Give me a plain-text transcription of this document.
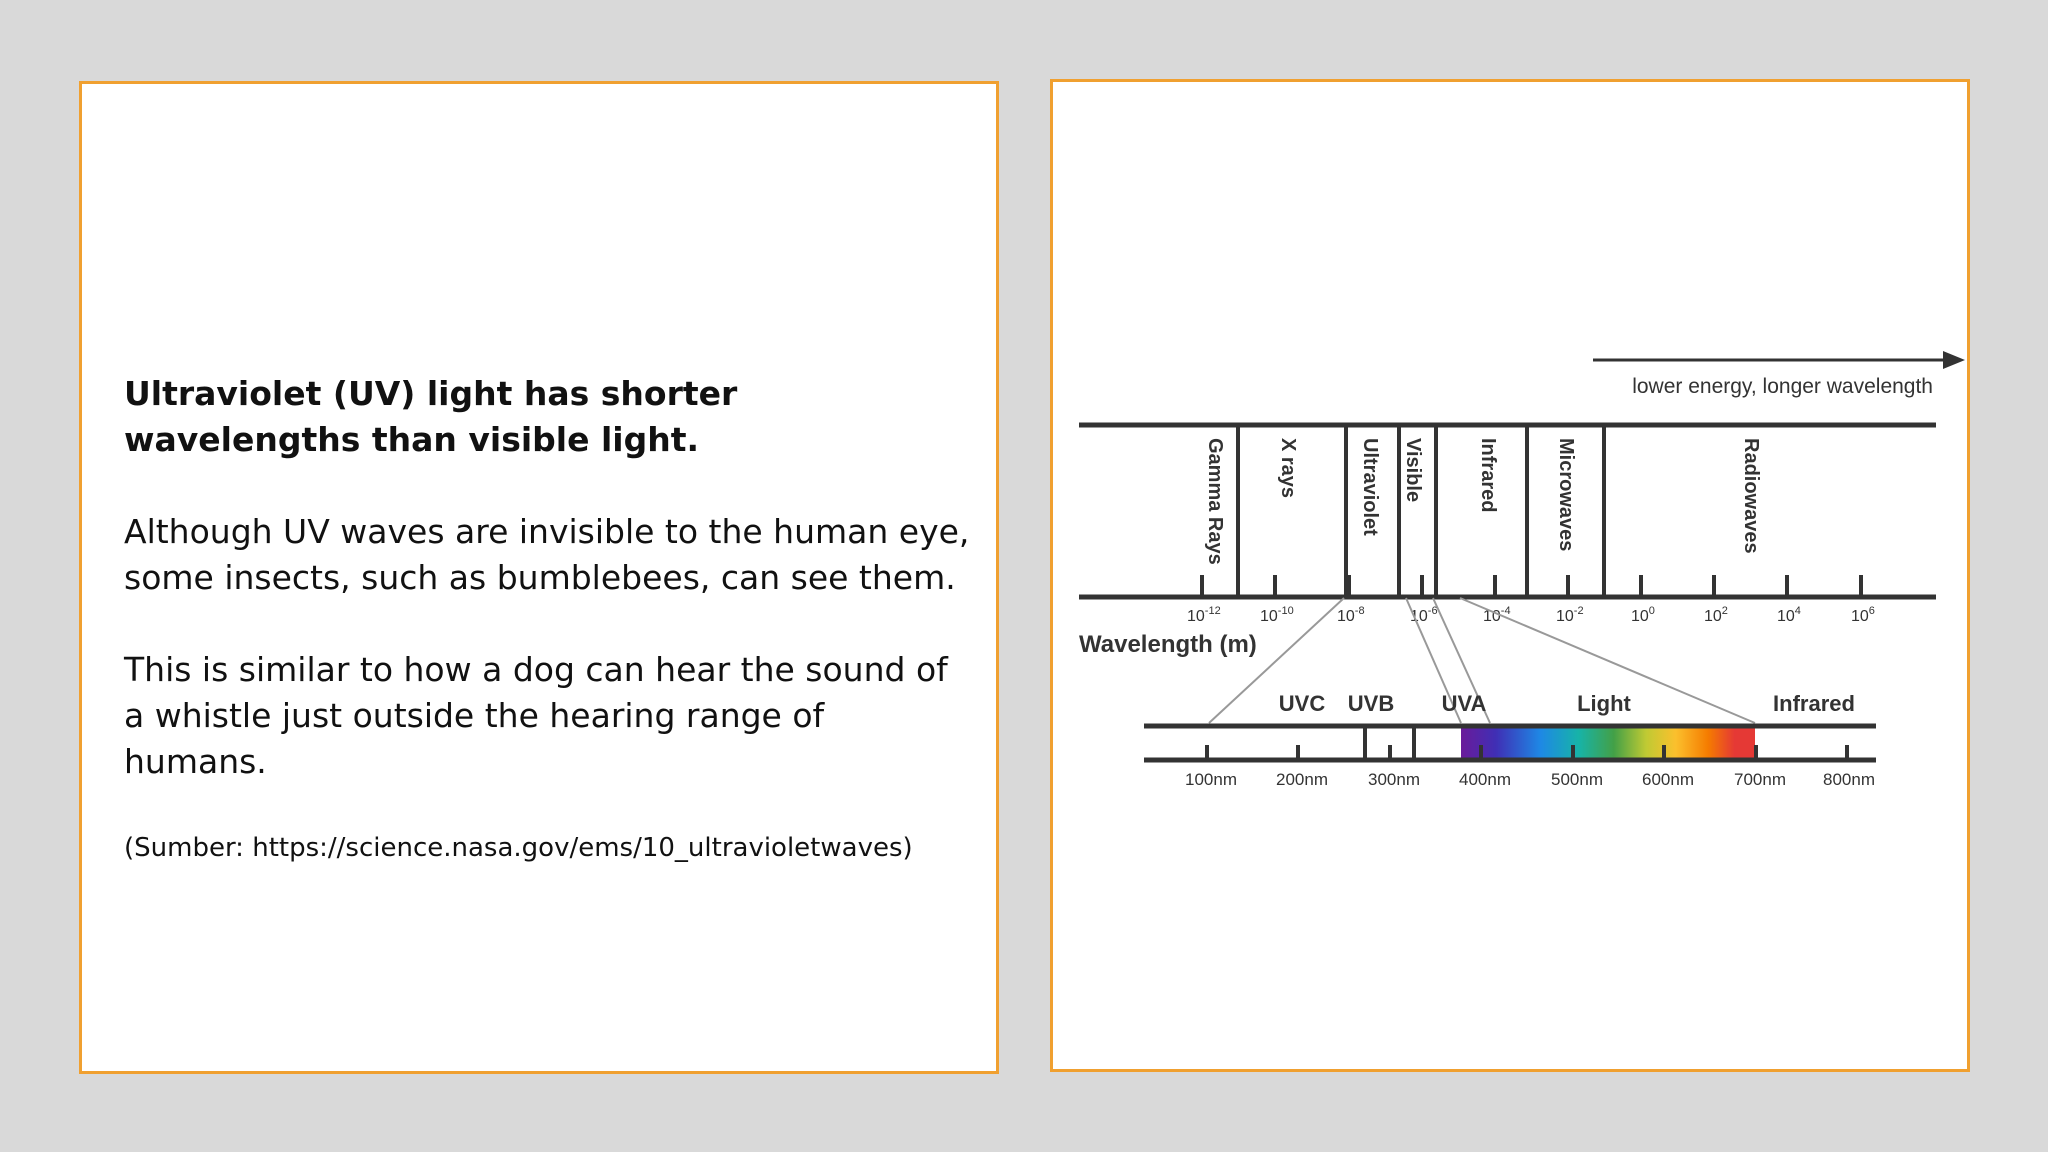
Ultraviolet (UV) light has shorter wavelengths than visible light.

Although UV waves are invisible to the human eye, some insects, such as bumblebees, can see them.

This is similar to how a dog can hear the sound of a whistle just outside the hearing range of humans.

(Sumber: https://science.nasa.gov/ems/10_ultravioletwaves)

lower energy, longer wavelength
Gamma Rays	X rays	Ultraviolet Visible	Infrared	Microwaves	Radiowaves
$10^{-12}$ $10^{-10}$	$10^{-8}$	$10^{-6}$	$10^{-4}$	$10^{-2}$	$10^0$	$10^2$	$10^4$	$10^6$
Wavelength (m)
UVC UVB UVA	Light	Infrared
100nm 200nm 300nm 400nm 500nm 600nm 700nm 800nm
